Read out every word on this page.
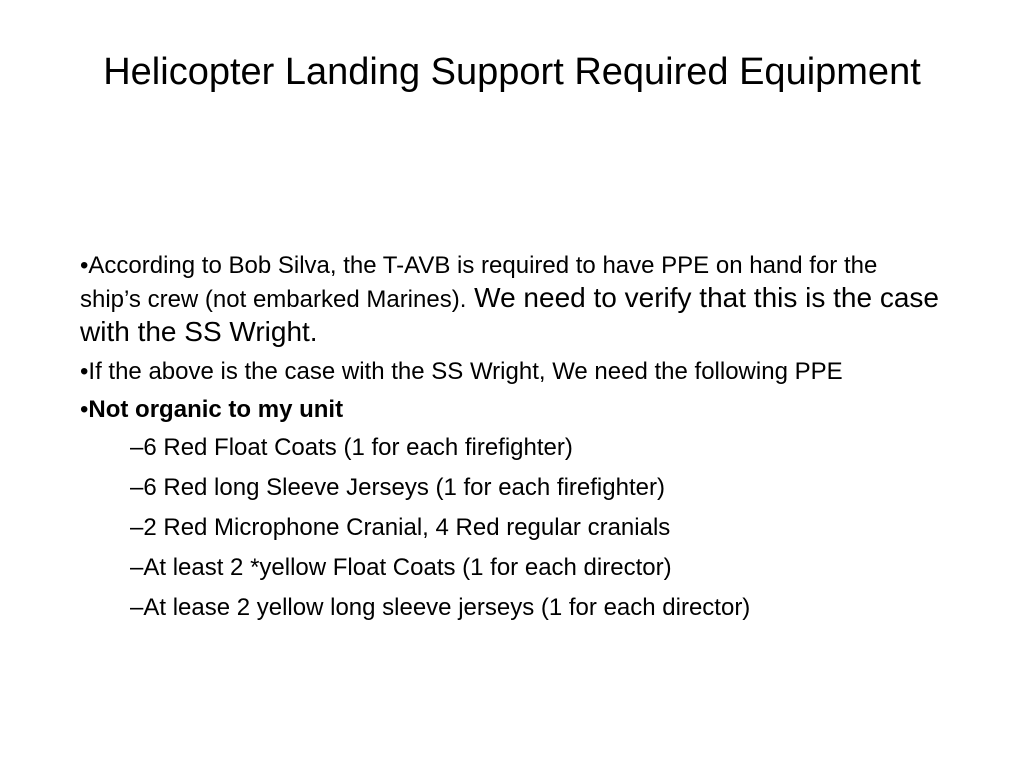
Helicopter Landing Support Required Equipment

•According to Bob Silva, the T-AVB is required to have PPE on hand for the ship’s crew (not embarked Marines). We need to verify that this is the case with the SS Wright.

•If the above is the case with the SS Wright, We need the following PPE

•Not organic to my unit

–6 Red Float Coats (1 for each firefighter)

–6 Red long Sleeve Jerseys (1 for each firefighter)

–2 Red Microphone Cranial, 4 Red regular cranials

–At least 2 *yellow Float Coats (1 for each director)

–At lease 2 yellow long sleeve jerseys (1 for each director)
